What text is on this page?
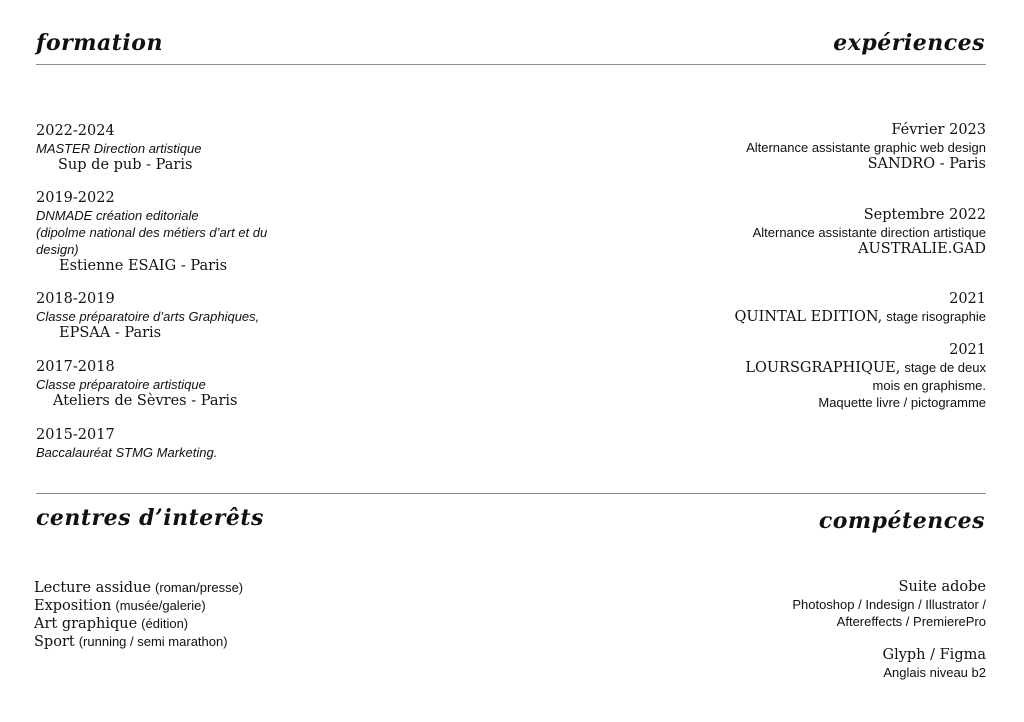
formation	expériences
2022-2024
MASTER Direction artistique
Sup de pub - Paris
2019-2022
DNMADE création editoriale
(dipolme national des métiers d’art et du
design)
Estienne ESAIG - Paris
2018-2019
Classe préparatoire d’arts Graphiques,
EPSAA - Paris
2017-2018
Classe préparatoire artistique
Ateliers de Sèvres - Paris
2015-2017
Baccalauréat STMG Marketing.
Février 2023
Alternance assistante graphic web design
SANDRO - Paris
Septembre 2022
Alternance assistante direction artistique
AUSTRALIE.GAD
2021
QUINTAL EDITION, stage risographie
2021
LOURSGRAPHIQUE, stage de deux
mois en graphisme.
Maquette livre / pictogramme
centres d’interêts	compétences
Lecture assidue (roman/presse)
Exposition (musée/galerie)
Art graphique (édition)
Sport (running / semi marathon)
Suite adobe
Photoshop / Indesign / Illustrator /
Aftereffects / PremierePro
Glyph / Figma
Anglais niveau b2
